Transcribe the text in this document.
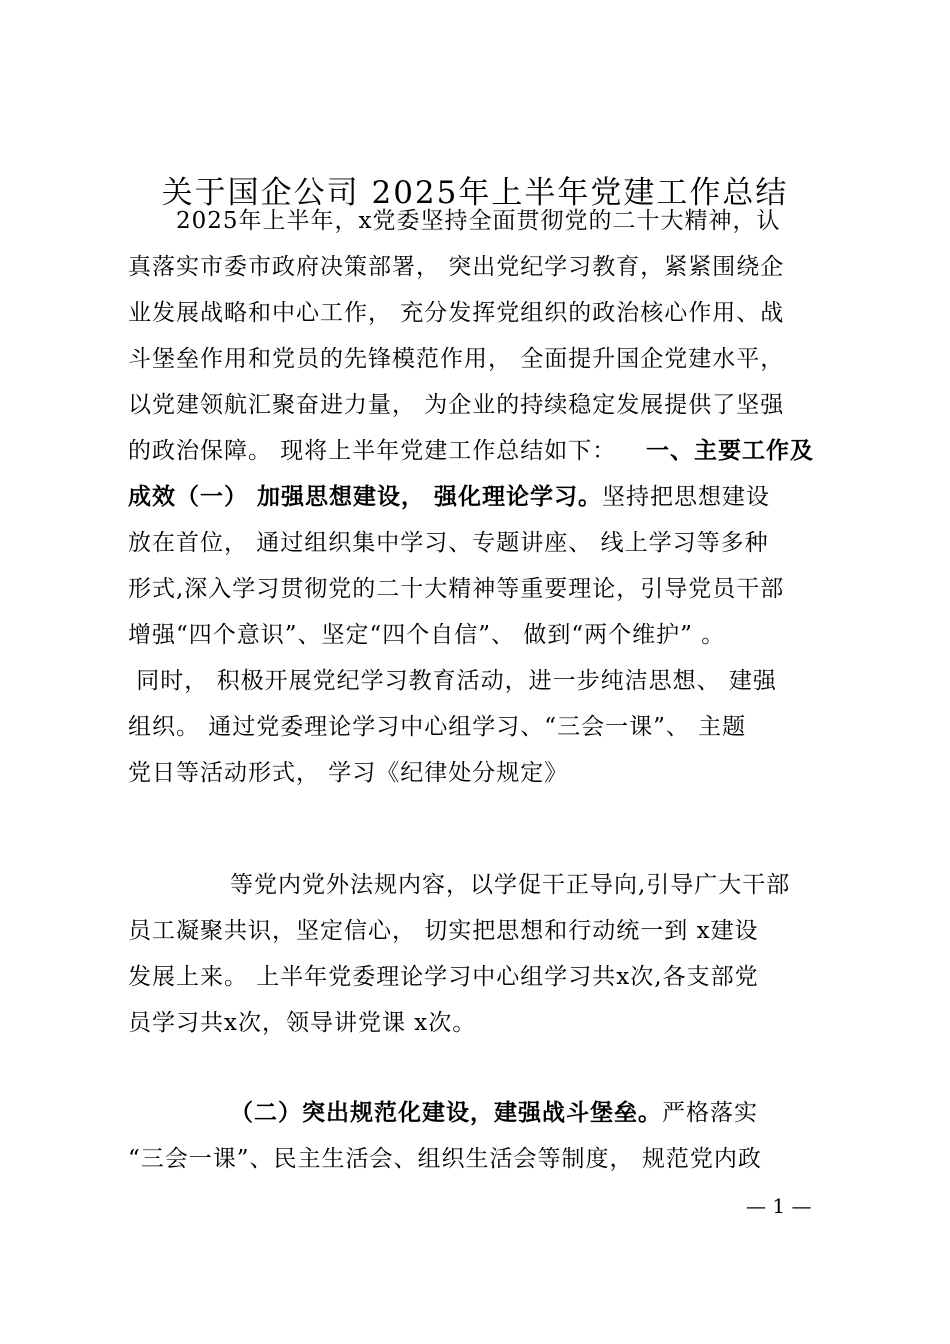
关于国企公司 2025年上半年党建工作总结
2025年上半年，x党委坚持全面贯彻党的二十大精神，认
真落实市委市政府决策部署， 突出党纪学习教育，紧紧围绕企
业发展战略和中心工作， 充分发挥党组织的政治核心作用、战
斗堡垒作用和党员的先锋模范作用， 全面提升国企党建水平，
以党建领航汇聚奋进力量， 为企业的持续稳定发展提供了坚强
的政治保障。 现将上半年党建工作总结如下： 一、主要工作及
成效（一） 加强思想建设， 强化理论学习。坚持把思想建设
放在首位， 通过组织集中学习、专题讲座、 线上学习等多种
形式,深入学习贯彻党的二十大精神等重要理论，引导党员干部
增强“四个意识”、坚定“四个自信”、 做到“两个维护” 。
同时， 积极开展党纪学习教育活动，进一步纯洁思想、 建强
组织。 通过党委理论学习中心组学习、“三会一课”、 主题
党日等活动形式， 学习《纪律处分规定》
等党内党外法规内容，以学促干正导向,引导广大干部
员工凝聚共识，坚定信心， 切实把思想和行动统一到 x建设
发展上来。 上半年党委理论学习中心组学习共x次,各支部党
员学习共x次，领导讲党课 x次。
（二）突出规范化建设，建强战斗堡垒。严格落实
“三会一课”、民主生活会、组织生活会等制度， 规范党内政
— 1 —
